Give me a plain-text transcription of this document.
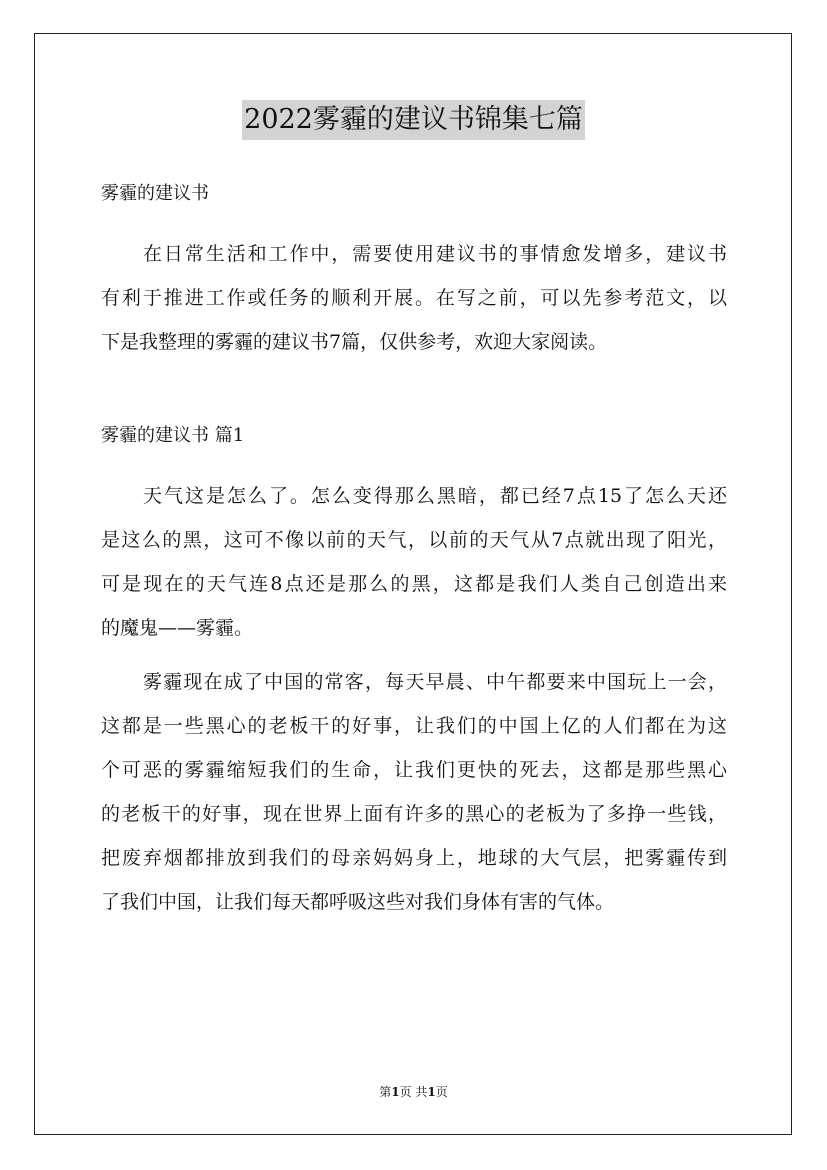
2022雾霾的建议书锦集七篇
雾霾的建议书
在日常生活和工作中，需要使用建议书的事情愈发增多，建议书
有利于推进工作或任务的顺利开展。在写之前，可以先参考范文，以
下是我整理的雾霾的建议书7篇，仅供参考，欢迎大家阅读。
雾霾的建议书 篇1
天气这是怎么了。怎么变得那么黑暗，都已经7点15了怎么天还
是这么的黑，这可不像以前的天气，以前的天气从7点就出现了阳光，
可是现在的天气连8点还是那么的黑，这都是我们人类自己创造出来
的魔鬼——雾霾。
雾霾现在成了中国的常客，每天早晨、中午都要来中国玩上一会，
这都是一些黑心的老板干的好事，让我们的中国上亿的人们都在为这
个可恶的雾霾缩短我们的生命，让我们更快的死去，这都是那些黑心
的老板干的好事，现在世界上面有许多的黑心的老板为了多挣一些钱，
把废弃烟都排放到我们的母亲妈妈身上，地球的大气层，把雾霾传到
了我们中国，让我们每天都呼吸这些对我们身体有害的气体。
第1页 共1页
